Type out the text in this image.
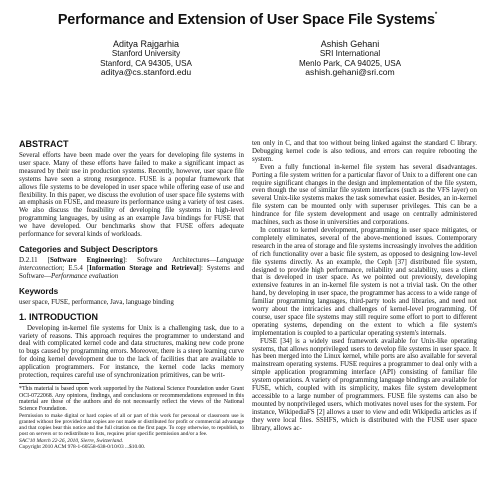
Performance and Extension of User Space File Systems*
Aditya Rajgarhia
Stanford University
Stanford, CA 94305, USA
aditya@cs.stanford.edu
Ashish Gehani
SRI International
Menlo Park, CA 94025, USA
ashish.gehani@sri.com
ABSTRACT

Several efforts have been made over the years for developing file systems in user space. Many of these efforts have failed to make a significant impact as measured by their use in production systems. Recently, however, user space file systems have seen a strong resurgence. FUSE is a popular framework that allows file systems to be developed in user space while offering ease of use and flexibility. In this paper, we discuss the evolution of user space file systems with an emphasis on FUSE, and measure its performance using a variety of test cases. We also discuss the feasibility of developing file systems in high-level programming languages, by using as an example Java bindings for FUSE that we have developed. Our benchmarks show that FUSE offers adequate performance for several kinds of workloads.

Categories and Subject Descriptors

D.2.11 [Software Engineering]: Software Architectures—Language interconnection; E.5.4 [Information Storage and Retrieval]: Systems and Software—Performance evaluation

Keywords

user space, FUSE, performance, Java, language binding

1. INTRODUCTION

Developing in-kernel file systems for Unix is a challenging task, due to a variety of reasons. This approach requires the programmer to understand and deal with complicated kernel code and data structures, making new code prone to bugs caused by programming errors. Moreover, there is a steep learning curve for doing kernel development due to the lack of facilities that are available to application programmers. For instance, the kernel code lacks memory protection, requires careful use of synchronization primitives, can be writ-

*This material is based upon work supported by the National Science Foundation under Grant OCI-0722068. Any opinions, findings, and conclusions or recommendations expressed in this material are those of the authors and do not necessarily reflect the views of the National Science Foundation.

Permission to make digital or hard copies of all or part of this work for personal or classroom use is granted without fee provided that copies are not made or distributed for profit or commercial advantage and that copies bear this notice and the full citation on the first page. To copy otherwise, to republish, to post on servers or to redistribute to lists, requires prior specific permission and/or a fee.
SAC'10 March 22-26, 2010, Sierre, Switzerland.
Copyright 2010 ACM 978-1-60558-638-0/10/03 ...$10.00.

ten only in C, and that too without being linked against the standard C library. Debugging kernel code is also tedious, and errors can require rebooting the system.

Even a fully functional in-kernel file system has several disadvantages. Porting a file system written for a particular flavor of Unix to a different one can require significant changes in the design and implementation of the file system, even though the use of similar file system interfaces (such as the VFS layer) on several Unix-like systems makes the task somewhat easier. Besides, an in-kernel file system can be mounted only with superuser privileges. This can be a hindrance for file system development and usage on centrally administered machines, such as those in universities and corporations.

In contrast to kernel development, programming in user space mitigates, or completely eliminates, several of the above-mentioned issues. Contemporary research in the area of storage and file systems increasingly involves the addition of rich functionality over a basic file system, as opposed to designing low-level file systems directly. As an example, the Ceph [37] distributed file system, designed to provide high performance, reliability and scalability, uses a client that is developed in user space. As we pointed out previously, developing extensive features in an in-kernel file system is not a trivial task. On the other hand, by developing in user space, the programmer has access to a wide range of familiar programming languages, third-party tools and libraries, and need not worry about the intricacies and challenges of kernel-level programming. Of course, user space file systems may still require some effort to port to different operating systems, depending on the extent to which a file system's implementation is coupled to a particular operating system's internals.

FUSE [34] is a widely used framework available for Unix-like operating systems, that allows nonprivileged users to develop file systems in user space. It has been merged into the Linux kernel, while ports are also available for several mainstream operating systems. FUSE requires a programmer to deal only with a simple application programming interface (API) consisting of familiar file system operations. A variety of programming language bindings are available for FUSE, which, coupled with its simplicity, makes file system development accessible to a large number of programmers. FUSE file systems can also be mounted by nonprivileged users, which motivates novel uses for the system. For instance, WikipediaFS [2] allows a user to view and edit Wikipedia articles as if they were local files. SSHFS, which is distributed with the FUSE user space library, allows ac-
